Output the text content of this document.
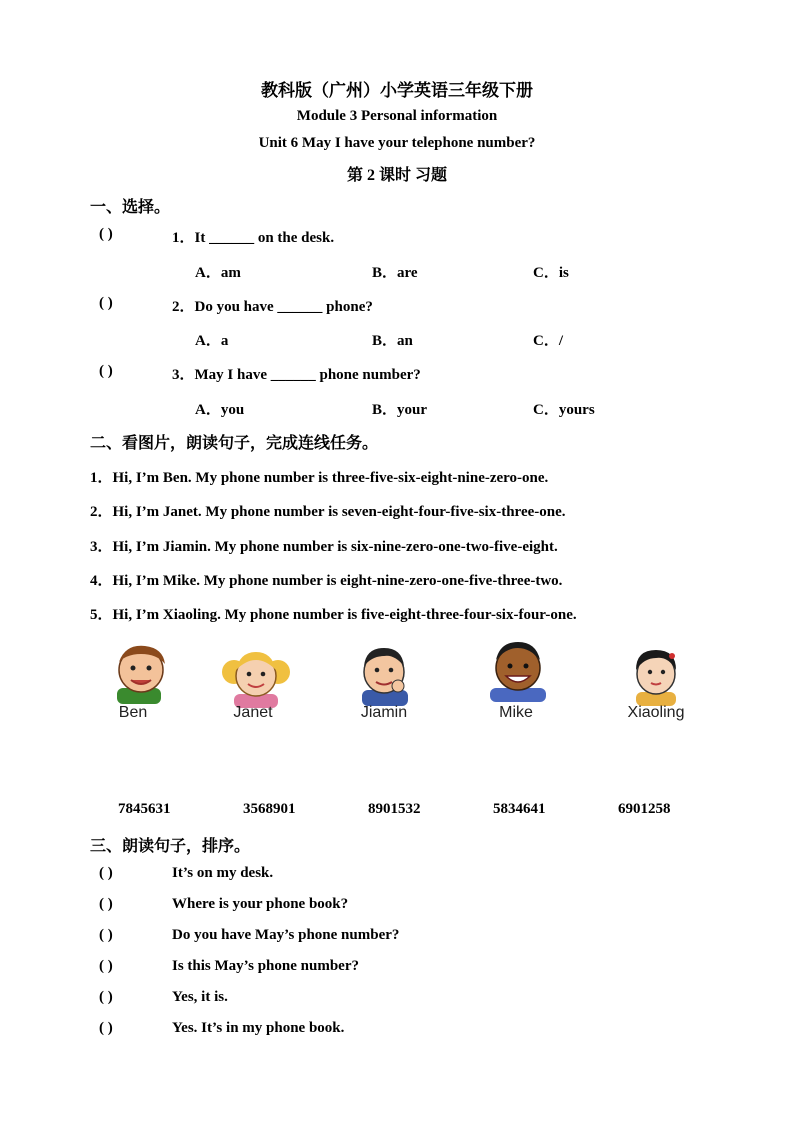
教科版（广州）小学英语三年级下册
Module 3 Personal information
Unit 6 May I have your telephone number?
第 2 课时 习题
一、选择。
( )	1．It ______ on the desk.
A．am	B．are	C．is
( )	2．Do you have ______ phone?
A．a	B．an	C．/
( )	3．May I have ______ phone number?
A．you	B．your	C．yours
二、看图片，朗读句子，完成连线任务。
1．Hi, I’m Ben. My phone number is three-five-six-eight-nine-zero-one.
2．Hi, I’m Janet. My phone number is seven-eight-four-five-six-three-one.
3．Hi, I’m Jiamin. My phone number is six-nine-zero-one-two-five-eight.
4．Hi, I’m Mike. My phone number is eight-nine-zero-one-five-three-two.
5．Hi, I’m Xiaoling. My phone number is five-eight-three-four-six-four-one.
Ben	Janet	Jiamin	Mike	Xiaoling
7845631	3568901	8901532	5834641	6901258
三、朗读句子，排序。
( )	It’s on my desk.
( )	Where is your phone book?
( )	Do you have May’s phone number?
( )	Is this May’s phone number?
( )	Yes, it is.
( )	Yes. It’s in my phone book.
